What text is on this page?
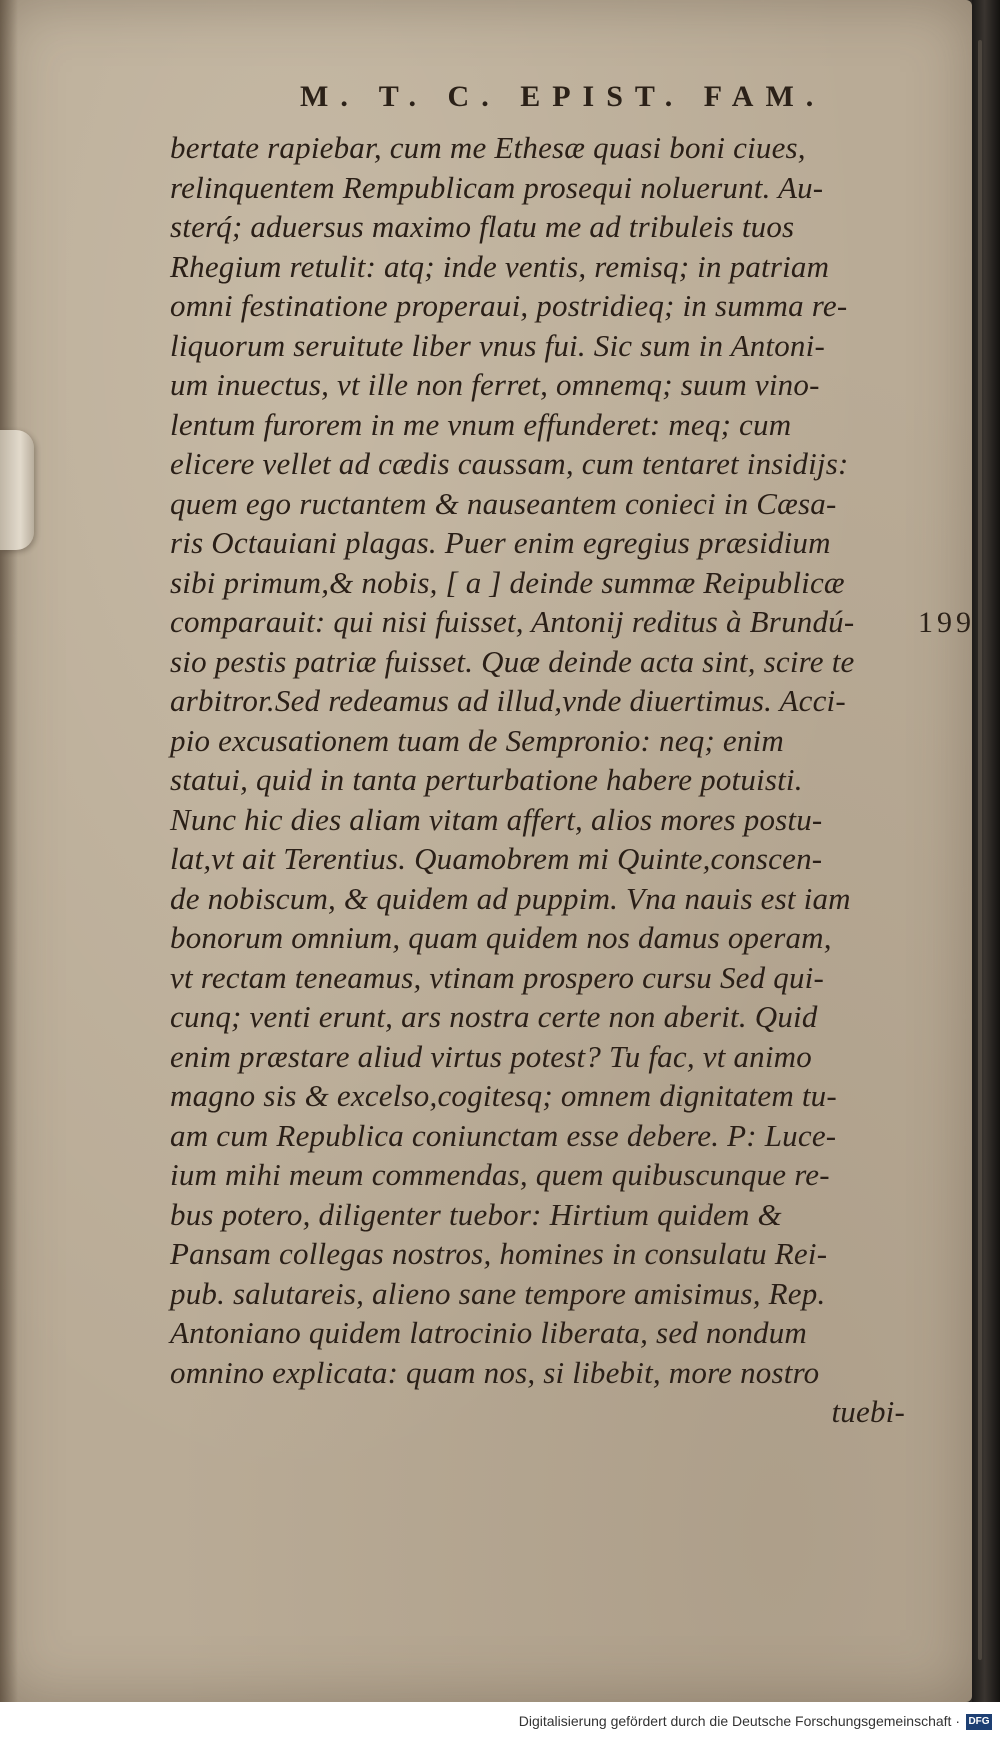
M. T. C. EPIST. FAM.
bertate rapiebar, cum me Ethesæ quasi boni ciues,
relinquentem Rempublicam prosequi noluerunt. Au-
sterq́; aduersus maximo flatu me ad tribuleis tuos
Rhegium retulit: atq; inde ventis, remisq; in patriam
omni festinatione properaui, postridieq; in summa re-
liquorum seruitute liber vnus fui. Sic sum in Antoni-
um inuectus, vt ille non ferret, omnemq; suum vino-
lentum furorem in me vnum effunderet: meq; cum
elicere vellet ad cædis caussam, cum tentaret insidijs:
quem ego ructantem & nauseantem conieci in Cæsa-
ris Octauiani plagas. Puer enim egregius præsidium
sibi primum,& nobis, [ a ] deinde summæ Reipublicæ
comparauit: qui nisi fuisset, Antonij reditus à Brundú-
sio pestis patriæ fuisset. Quæ deinde acta sint, scire te
arbitror.Sed redeamus ad illud,vnde diuertimus. Acci-
pio excusationem tuam de Sempronio: neq; enim
statui, quid in tanta perturbatione habere potuisti.
Nunc hic dies aliam vitam affert, alios mores postu-
lat,vt ait Terentius. Quamobrem mi Quinte,conscen-
de nobiscum, & quidem ad puppim. Vna nauis est iam
bonorum omnium, quam quidem nos damus operam,
vt rectam teneamus, vtinam prospero cursu Sed qui-
cunq; venti erunt, ars nostra certe non aberit. Quid
enim præstare aliud virtus potest? Tu fac, vt animo
magno sis & excelso,cogitesq; omnem dignitatem tu-
am cum Republica coniunctam esse debere. P: Luce-
ium mihi meum commendas, quem quibuscunque re-
bus potero, diligenter tuebor: Hirtium quidem &
Pansam collegas nostros, homines in consulatu Rei-
pub. salutareis, alieno sane tempore amisimus, Rep.
Antoniano quidem latrocinio liberata, sed nondum
omnino explicata: quam nos, si libebit, more nostro
tuebi-
199
Digitalisierung gefördert durch die Deutsche Forschungsgemeinschaft · DFG
